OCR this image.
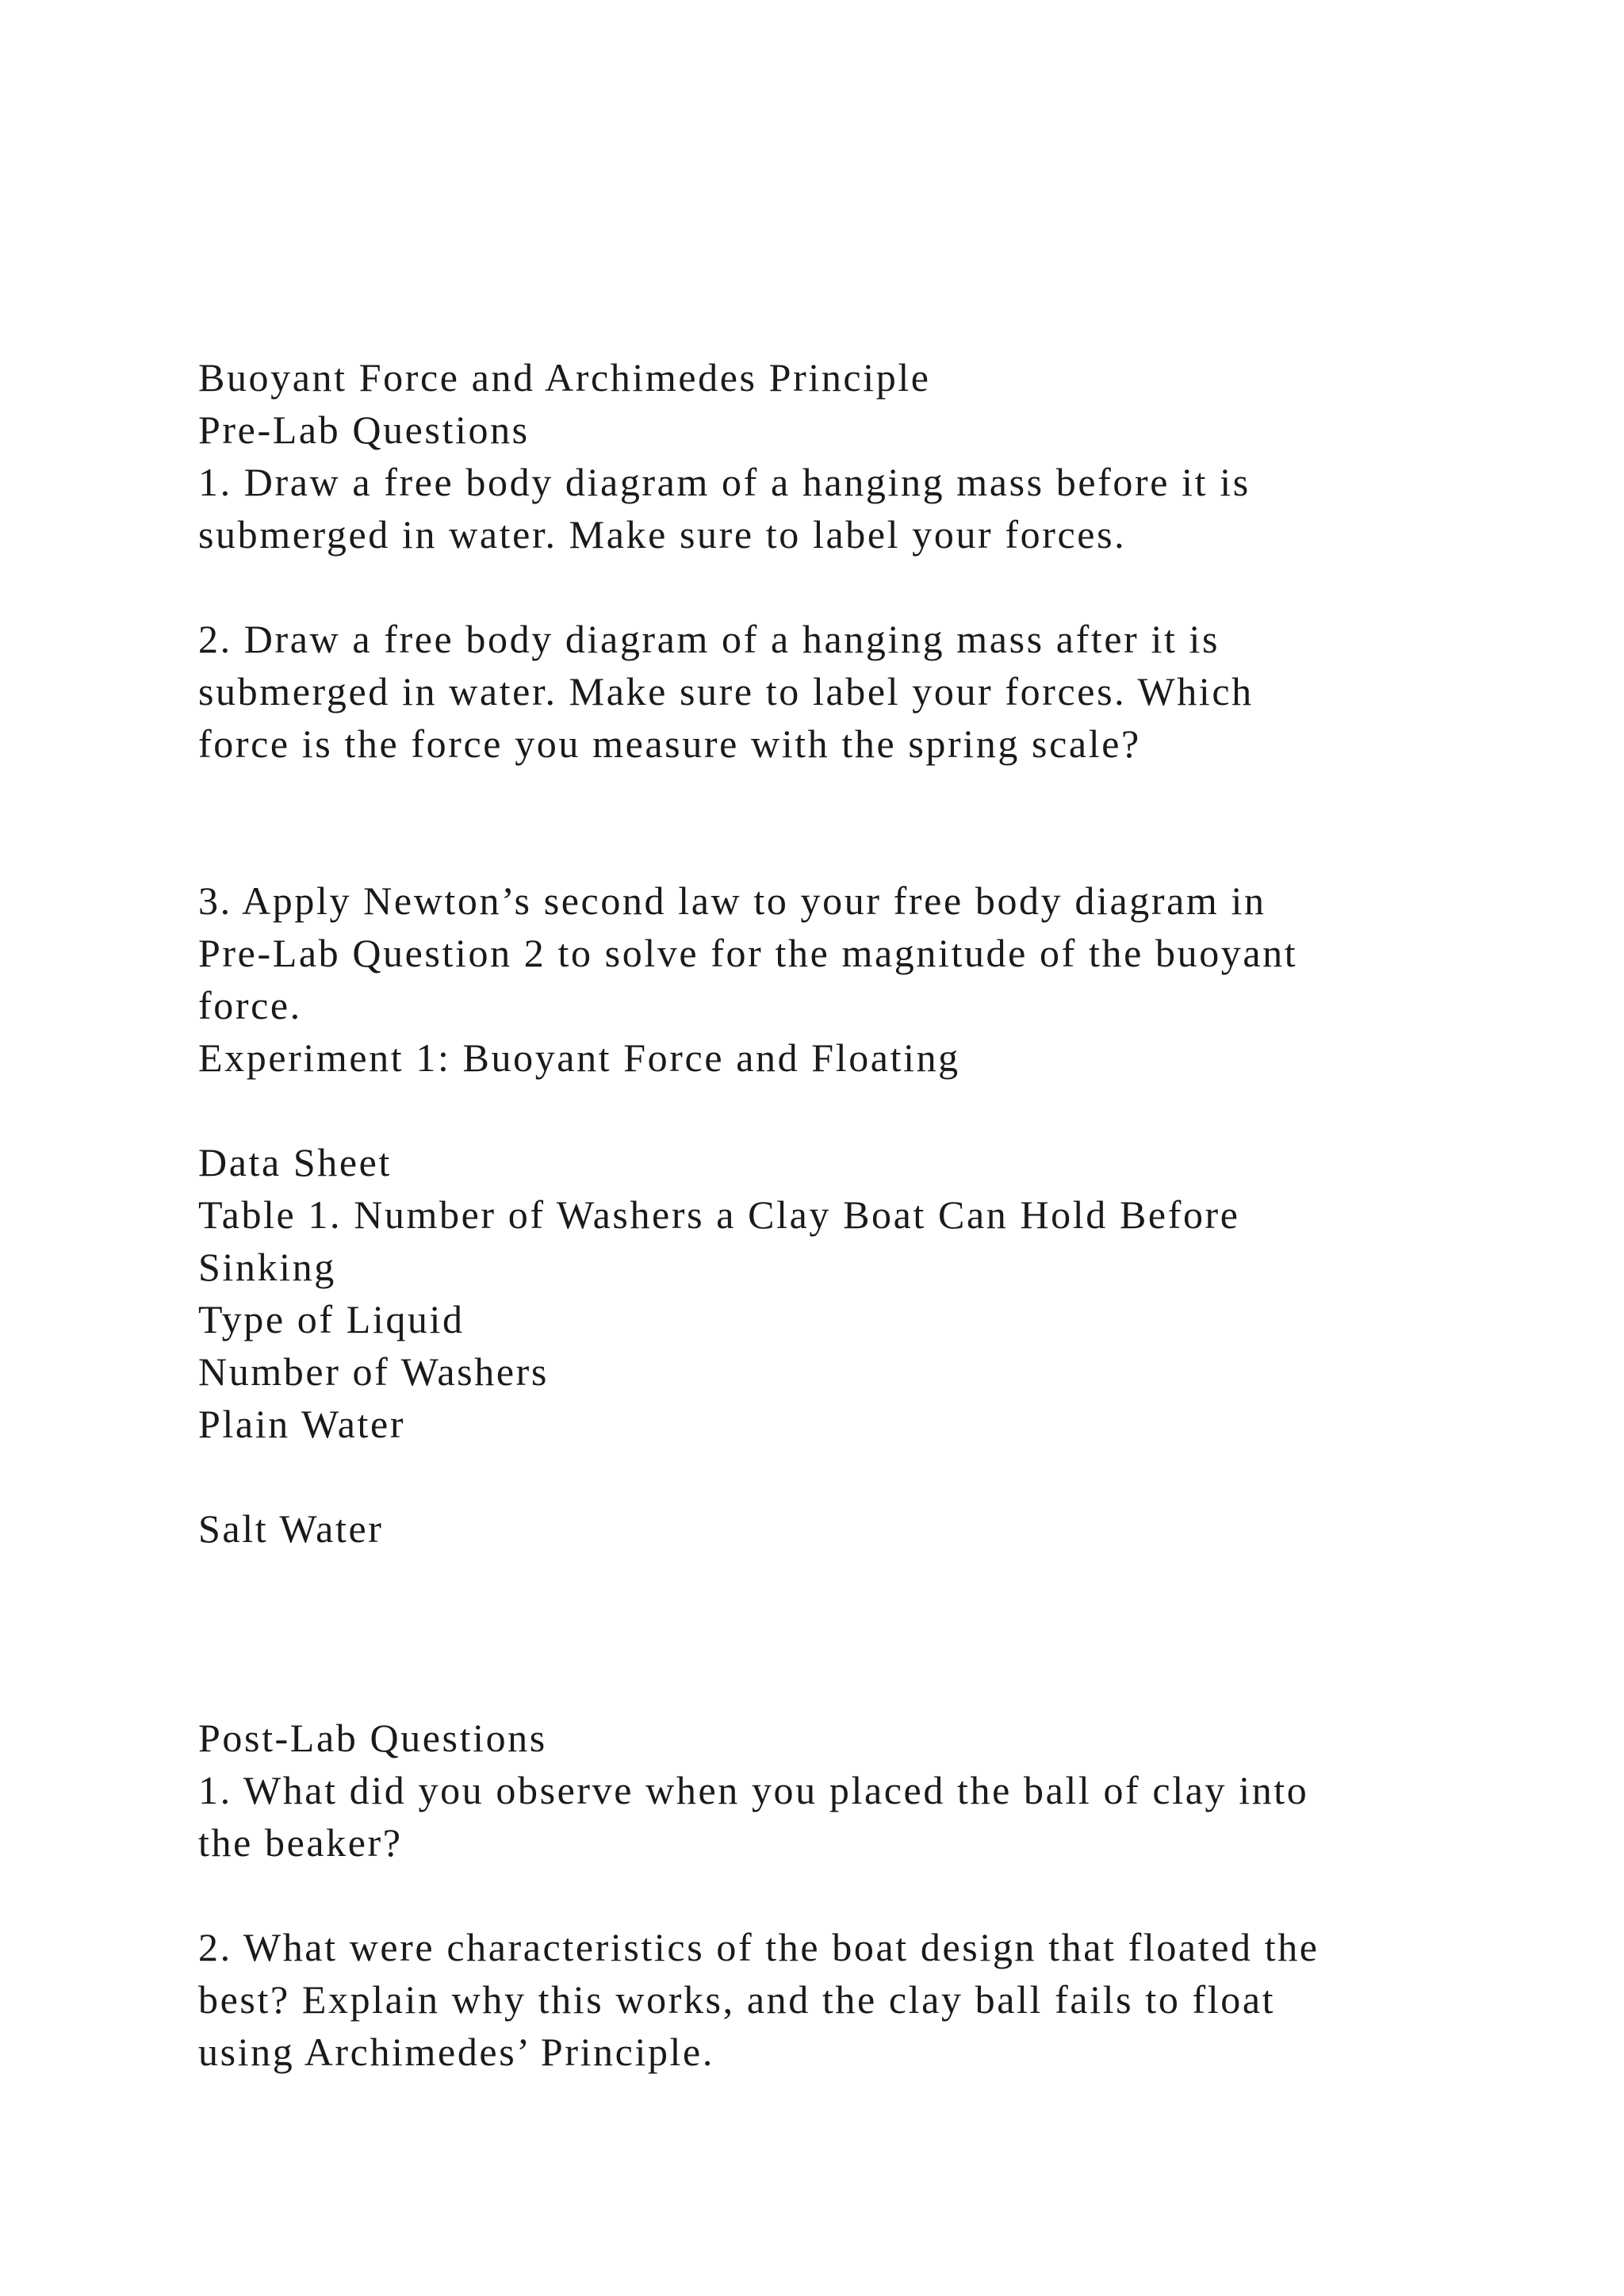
Buoyant Force and Archimedes Principle
Pre-Lab Questions
1. Draw a free body diagram of a hanging mass before it is
submerged in water. Make sure to label your forces.
2. Draw a free body diagram of a hanging mass after it is
submerged in water. Make sure to label your forces. Which
force is the force you measure with the spring scale?
3. Apply Newton’s second law to your free body diagram in
Pre-Lab Question 2 to solve for the magnitude of the buoyant
force.
Experiment 1: Buoyant Force and Floating
Data Sheet
Table 1. Number of Washers a Clay Boat Can Hold Before
Sinking
Type of Liquid
Number of Washers
Plain Water
Salt Water
Post-Lab Questions
1. What did you observe when you placed the ball of clay into
the beaker?
2. What were characteristics of the boat design that floated the
best? Explain why this works, and the clay ball fails to float
using Archimedes’ Principle.
